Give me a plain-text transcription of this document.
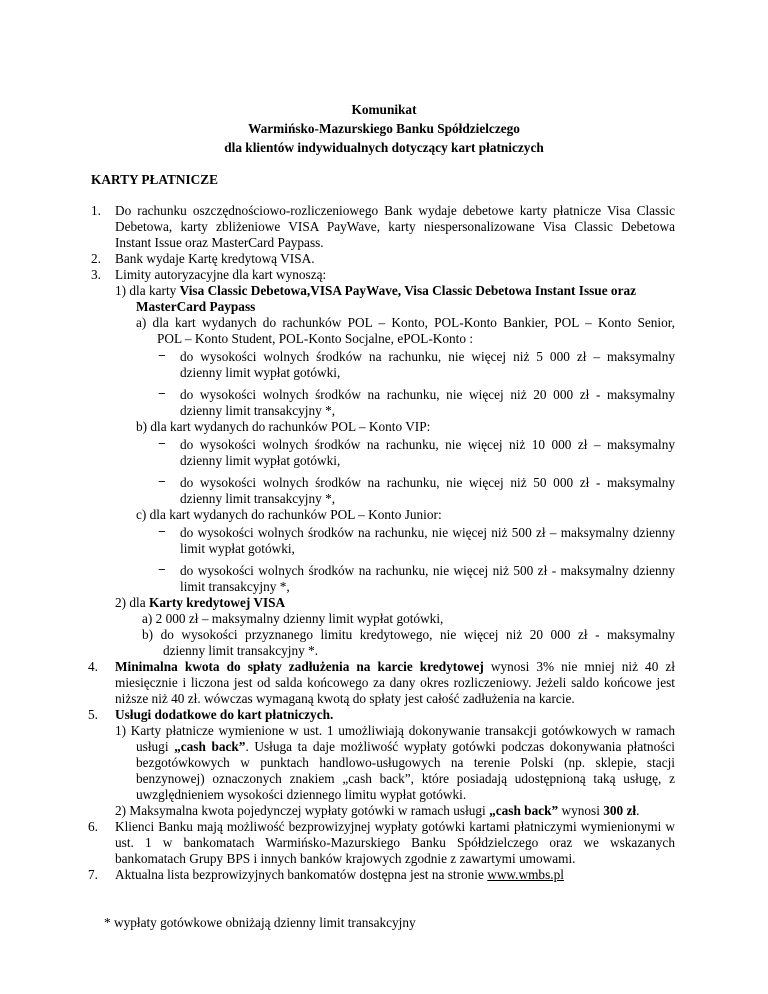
Komunikat
Warmińsko-Mazurskiego Banku Spółdzielczego
dla klientów indywidualnych dotyczący kart płatniczych
KARTY PŁATNICZE
1. Do rachunku oszczędnościowo-rozliczeniowego Bank wydaje debetowe karty płatnicze Visa Classic
Debetowa, karty zbliżeniowe VISA PayWave, karty niespersonalizowane Visa Classic Debetowa
Instant Issue oraz MasterCard Paypass.
2. Bank wydaje Kartę kredytową VISA.
3. Limity autoryzacyjne dla kart wynoszą:
1) dla karty Visa Classic Debetowa,VISA PayWave, Visa Classic Debetowa Instant Issue oraz
MasterCard Paypass
a) dla kart wydanych do rachunków POL – Konto, POL-Konto Bankier, POL – Konto Senior,
POL – Konto Student, POL-Konto Socjalne, ePOL-Konto :
− do wysokości wolnych środków na rachunku, nie więcej niż 5 000 zł – maksymalny
dzienny limit wypłat gotówki,
− do wysokości wolnych środków na rachunku, nie więcej niż 20 000 zł - maksymalny
dzienny limit transakcyjny *,
b) dla kart wydanych do rachunków POL – Konto VIP:
− do wysokości wolnych środków na rachunku, nie więcej niż 10 000 zł – maksymalny
dzienny limit wypłat gotówki,
− do wysokości wolnych środków na rachunku, nie więcej niż 50 000 zł - maksymalny
dzienny limit transakcyjny *,
c) dla kart wydanych do rachunków POL – Konto Junior:
− do wysokości wolnych środków na rachunku, nie więcej niż 500 zł – maksymalny dzienny
limit wypłat gotówki,
− do wysokości wolnych środków na rachunku, nie więcej niż 500 zł - maksymalny dzienny
limit transakcyjny *,
2) dla Karty kredytowej VISA
a) 2 000 zł – maksymalny dzienny limit wypłat gotówki,
b) do wysokości przyznanego limitu kredytowego, nie więcej niż 20 000 zł - maksymalny
dzienny limit transakcyjny *.
4. Minimalna kwota do spłaty zadłużenia na karcie kredytowej wynosi 3% nie mniej niż 40 zł
miesięcznie i liczona jest od salda końcowego za dany okres rozliczeniowy. Jeżeli saldo końcowe jest
niższe niż 40 zł. wówczas wymaganą kwotą do spłaty jest całość zadłużenia na karcie.
5. Usługi dodatkowe do kart płatniczych.
1) Karty płatnicze wymienione w ust. 1 umożliwiają dokonywanie transakcji gotówkowych w ramach
usługi „cash back”. Usługa ta daje możliwość wypłaty gotówki podczas dokonywania płatności
bezgotówkowych w punktach handlowo-usługowych na terenie Polski (np. sklepie, stacji
benzynowej) oznaczonych znakiem „cash back”, które posiadają udostępnioną taką usługę, z
uwzględnieniem wysokości dziennego limitu wypłat gotówki.
2) Maksymalna kwota pojedynczej wypłaty gotówki w ramach usługi „cash back” wynosi 300 zł.
6. Klienci Banku mają możliwość bezprowizyjnej wypłaty gotówki kartami płatniczymi wymienionymi w
ust. 1 w bankomatach Warmińsko-Mazurskiego Banku Spółdzielczego oraz we wskazanych
bankomatach Grupy BPS i innych banków krajowych zgodnie z zawartymi umowami.
7. Aktualna lista bezprowizyjnych bankomatów dostępna jest na stronie www.wmbs.pl
* wypłaty gotówkowe obniżają dzienny limit transakcyjny
